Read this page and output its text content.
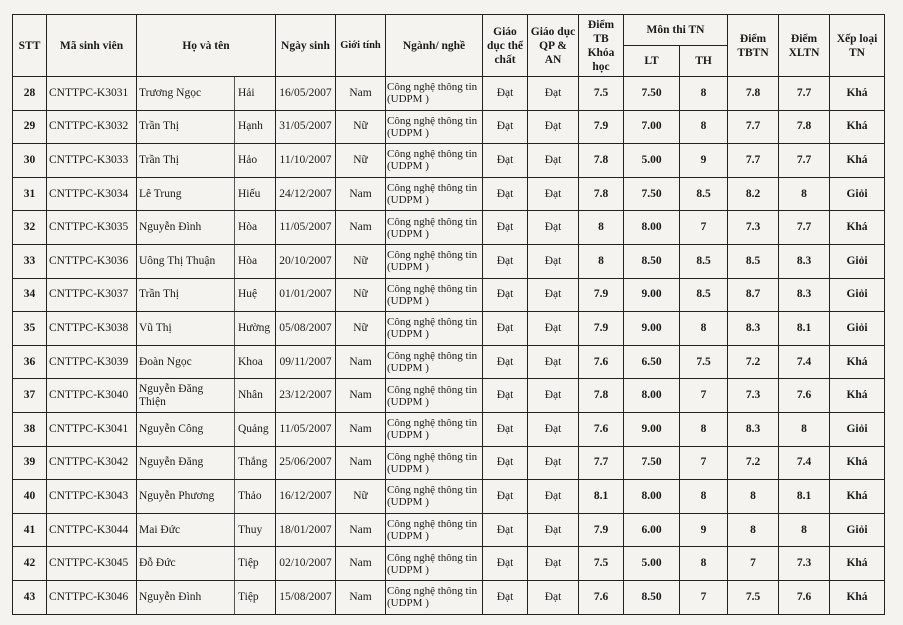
STT	Mã sinh viên	Họ và tên		Ngày sinh	Giới tính	Ngành/ nghề	Giáo dục thể chất	Giáo dục QP & AN	Điểm TB Khóa học	Môn thi TN		Điểm TBTN	Điểm XLTN	Xếp loại TN
										LT	TH			
28	CNTTPC-K3031	Trương Ngọc	Hải	16/05/2007	Nam	Công nghệ thông tin (UDPM )	Đạt	Đạt	7.5	7.50	8	7.8	7.7	Khá
29	CNTTPC-K3032	Trần Thị	Hạnh	31/05/2007	Nữ	Công nghệ thông tin (UDPM )	Đạt	Đạt	7.9	7.00	8	7.7	7.8	Khá
30	CNTTPC-K3033	Trần Thị	Hảo	11/10/2007	Nữ	Công nghệ thông tin (UDPM )	Đạt	Đạt	7.8	5.00	9	7.7	7.7	Khá
31	CNTTPC-K3034	Lê Trung	Hiếu	24/12/2007	Nam	Công nghệ thông tin (UDPM )	Đạt	Đạt	7.8	7.50	8.5	8.2	8	Giỏi
32	CNTTPC-K3035	Nguyễn Đình	Hòa	11/05/2007	Nam	Công nghệ thông tin (UDPM )	Đạt	Đạt	8	8.00	7	7.3	7.7	Khá
33	CNTTPC-K3036	Uông Thị Thuận	Hòa	20/10/2007	Nữ	Công nghệ thông tin (UDPM )	Đạt	Đạt	8	8.50	8.5	8.5	8.3	Giỏi
34	CNTTPC-K3037	Trần Thị	Huệ	01/01/2007	Nữ	Công nghệ thông tin (UDPM )	Đạt	Đạt	7.9	9.00	8.5	8.7	8.3	Giỏi
35	CNTTPC-K3038	Vũ Thị	Hường	05/08/2007	Nữ	Công nghệ thông tin (UDPM )	Đạt	Đạt	7.9	9.00	8	8.3	8.1	Giỏi
36	CNTTPC-K3039	Đoàn Ngọc	Khoa	09/11/2007	Nam	Công nghệ thông tin (UDPM )	Đạt	Đạt	7.6	6.50	7.5	7.2	7.4	Khá
37	CNTTPC-K3040	Nguyễn Đăng Thiện	Nhân	23/12/2007	Nam	Công nghệ thông tin (UDPM )	Đạt	Đạt	7.8	8.00	7	7.3	7.6	Khá
38	CNTTPC-K3041	Nguyễn Công	Quảng	11/05/2007	Nam	Công nghệ thông tin (UDPM )	Đạt	Đạt	7.6	9.00	8	8.3	8	Giỏi
39	CNTTPC-K3042	Nguyễn Đăng	Thắng	25/06/2007	Nam	Công nghệ thông tin (UDPM )	Đạt	Đạt	7.7	7.50	7	7.2	7.4	Khá
40	CNTTPC-K3043	Nguyễn Phương	Thảo	16/12/2007	Nữ	Công nghệ thông tin (UDPM )	Đạt	Đạt	8.1	8.00	8	8	8.1	Khá
41	CNTTPC-K3044	Mai Đức	Thuy	18/01/2007	Nam	Công nghệ thông tin (UDPM )	Đạt	Đạt	7.9	6.00	9	8	8	Giỏi
42	CNTTPC-K3045	Đỗ Đức	Tiệp	02/10/2007	Nam	Công nghệ thông tin (UDPM )	Đạt	Đạt	7.5	5.00	8	7	7.3	Khá
43	CNTTPC-K3046	Nguyễn Đình	Tiệp	15/08/2007	Nam	Công nghệ thông tin (UDPM )	Đạt	Đạt	7.6	8.50	7	7.5	7.6	Khá
